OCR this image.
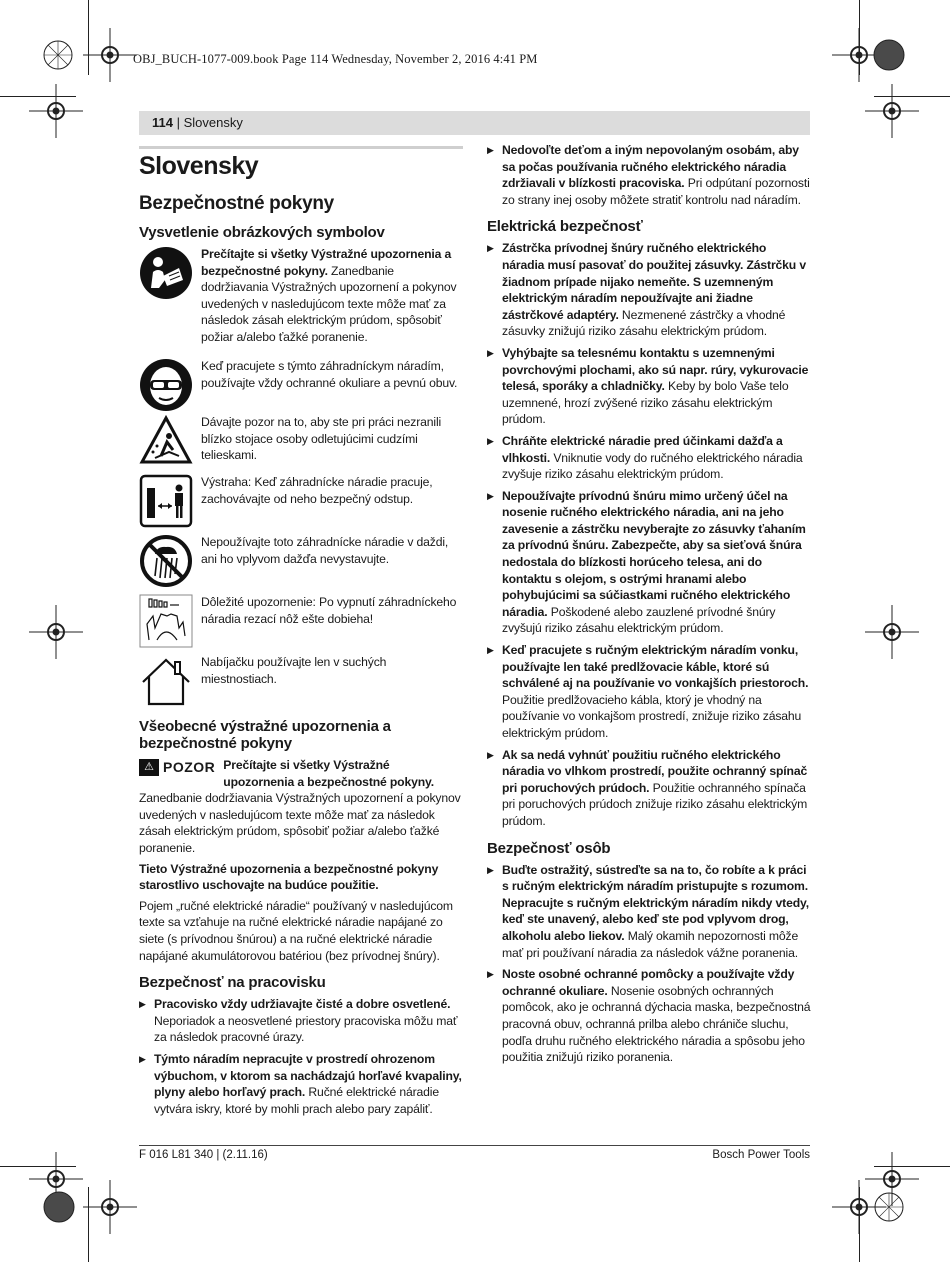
OBJ_BUCH-1077-009.book Page 114 Wednesday, November 2, 2016 4:41 PM
114 | Slovensky
Slovensky
Bezpečnostné pokyny
Vysvetlenie obrázkových symbolov
Prečítajte si všetky Výstražné upozornenia a bezpečnostné pokyny. Zanedbanie dodržiavania Výstražných upozornení a pokynov uvedených v nasledujúcom texte môže mať za následok zásah elektrickým prúdom, spôsobiť požiar a/alebo ťažké poranenie.
Keď pracujete s týmto záhradníckym náradím, používajte vždy ochranné okuliare a pevnú obuv.
Dávajte pozor na to, aby ste pri práci nezranili blízko stojace osoby odletujúcimi cudzími telieskami.
Výstraha: Keď záhradnícke náradie pracuje, zachovávajte od neho bezpečný odstup.
Nepoužívajte toto záhradnícke náradie v daždi, ani ho vplyvom dažďa nevystavujte.
Dôležité upozornenie: Po vypnutí záhradníckeho náradia rezací nôž ešte dobieha!
Nabíjačku používajte len v suchých miestnostiach.
Všeobecné výstražné upozornenia a bezpečnostné pokyny
⚠ POZOR Prečítajte si všetky Výstražné upozornenia a bezpečnostné pokyny. Zanedbanie dodržiavania Výstražných upozornení a pokynov uvedených v nasledujúcom texte môže mať za následok zásah elektrickým prúdom, spôsobiť požiar a/alebo ťažké poranenie.

Tieto Výstražné upozornenia a bezpečnostné pokyny starostlivo uschovajte na budúce použitie.

Pojem „ručné elektrické náradie“ používaný v nasledujúcom texte sa vzťahuje na ručné elektrické náradie napájané zo siete (s prívodnou šnúrou) a na ručné elektrické náradie napájané akumulátorovou batériou (bez prívodnej šnúry).

Bezpečnosť na pracovisku
▶ Pracovisko vždy udržiavajte čisté a dobre osvetlené. Neporiadok a neosvetlené priestory pracoviska môžu mať za následok pracovné úrazy.
▶ Týmto náradím nepracujte v prostredí ohrozenom výbuchom, v ktorom sa nachádzajú horľavé kvapaliny, plyny alebo horľavý prach. Ručné elektrické náradie vytvára iskry, ktoré by mohli prach alebo pary zapáliť.
▶ Nedovoľte deťom a iným nepovolaným osobám, aby sa počas používania ručného elektrického náradia zdržiavali v blízkosti pracoviska. Pri odpútaní pozornosti zo strany inej osoby môžete stratiť kontrolu nad náradím.
Elektrická bezpečnosť
▶ Zástrčka prívodnej šnúry ručného elektrického náradia musí pasovať do použitej zásuvky. Zástrčku v žiadnom prípade nijako nemeňte. S uzemneným elektrickým náradím nepoužívajte ani žiadne zástrčkové adaptéry. Nezmenené zástrčky a vhodné zásuvky znižujú riziko zásahu elektrickým prúdom.
▶ Vyhýbajte sa telesnému kontaktu s uzemnenými povrchovými plochami, ako sú napr. rúry, vykurovacie telesá, sporáky a chladničky. Keby by bolo Vaše telo uzemnené, hrozí zvýšené riziko zásahu elektrickým prúdom.
▶ Chráňte elektrické náradie pred účinkami dažďa a vlhkosti. Vniknutie vody do ručného elektrického náradia zvyšuje riziko zásahu elektrickým prúdom.
▶ Nepoužívajte prívodnú šnúru mimo určený účel na nosenie ručného elektrického náradia, ani na jeho zavesenie a zástrčku nevyberajte zo zásuvky ťahaním za prívodnú šnúru. Zabezpečte, aby sa sieťová šnúra nedostala do blízkosti horúceho telesa, ani do kontaktu s olejom, s ostrými hranami alebo pohybujúcimi sa súčiastkami ručného elektrického náradia. Poškodené alebo zauzlené prívodné šnúry zvyšujú riziko zásahu elektrickým prúdom.
▶ Keď pracujete s ručným elektrickým náradím vonku, používajte len také predlžovacie káble, ktoré sú schválené aj na používanie vo vonkajších priestoroch. Použitie predlžovacieho kábla, ktorý je vhodný na používanie vo vonkajšom prostredí, znižuje riziko zásahu elektrickým prúdom.
▶ Ak sa nedá vyhnúť použitiu ručného elektrického náradia vo vlhkom prostredí, použite ochranný spínač pri poruchových prúdoch. Použitie ochranného spínača pri poruchových prúdoch znižuje riziko zásahu elektrickým prúdom.
Bezpečnosť osôb
▶ Buďte ostražitý, sústreďte sa na to, čo robíte a k práci s ručným elektrickým náradím pristupujte s rozumom. Nepracujte s ručným elektrickým náradím nikdy vtedy, keď ste unavený, alebo keď ste pod vplyvom drog, alkoholu alebo liekov. Malý okamih nepozornosti môže mať pri používaní náradia za následok vážne poranenia.
▶ Noste osobné ochranné pomôcky a používajte vždy ochranné okuliare. Nosenie osobných ochranných pomôcok, ako je ochranná dýchacia maska, bezpečnostná pracovná obuv, ochranná prilba alebo chrániče sluchu, podľa druhu ručného elektrického náradia a spôsobu jeho použitia znižujú riziko poranenia.
F 016 L81 340 | (2.11.16)	Bosch Power Tools
